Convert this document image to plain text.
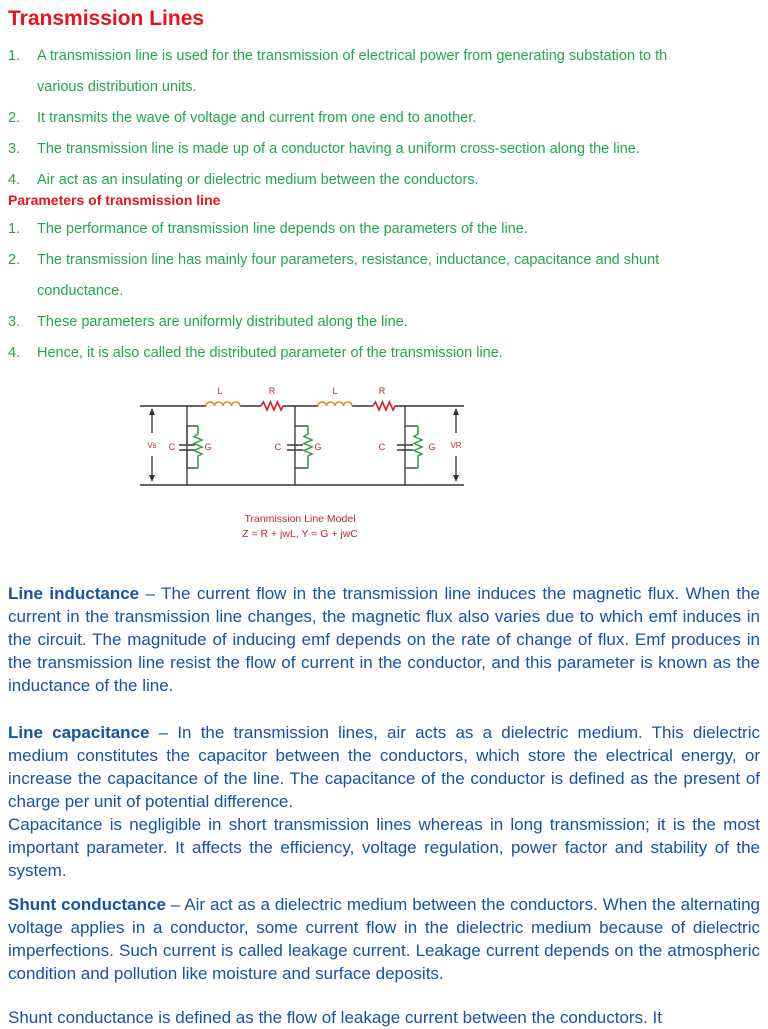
Transmission Lines
1. A transmission line is used for the transmission of electrical power from generating substation to th
various distribution units.
2. It transmits the wave of voltage and current from one end to another.
3. The transmission line is made up of a conductor having a uniform cross-section along the line.
4. Air act as an insulating or dielectric medium between the conductors.
Parameters of transmission line
1. The performance of transmission line depends on the parameters of the line.
2. The transmission line has mainly four parameters, resistance, inductance, capacitance and shunt
conductance.
3. These parameters are uniformly distributed along the line.
4. Hence, it is also called the distributed parameter of the transmission line.
L	R	L	R
C	G	C	G	C	G
Vs	VR
Tranmission Line Model
Z = R + jwL, Y = G + jwC

Line inductance – The current flow in the transmission line induces the magnetic flux. When the current in the transmission line changes, the magnetic flux also varies due to which emf induces in the circuit. The magnitude of inducing emf depends on the rate of change of flux. Emf produces in the transmission line resist the flow of current in the conductor, and this parameter is known as the inductance of the line.

Line capacitance – In the transmission lines, air acts as a dielectric medium. This dielectric medium constitutes the capacitor between the conductors, which store the electrical energy, or increase the capacitance of the line. The capacitance of the conductor is defined as the present of charge per unit of potential difference.

Capacitance is negligible in short transmission lines whereas in long transmission; it is the most important parameter. It affects the efficiency, voltage regulation, power factor and stability of the system.

Shunt conductance – Air act as a dielectric medium between the conductors. When the alternating voltage applies in a conductor, some current flow in the dielectric medium because of dielectric imperfections. Such current is called leakage current. Leakage current depends on the atmospheric condition and pollution like moisture and surface deposits.

Shunt conductance is defined as the flow of leakage current between the conductors. It
